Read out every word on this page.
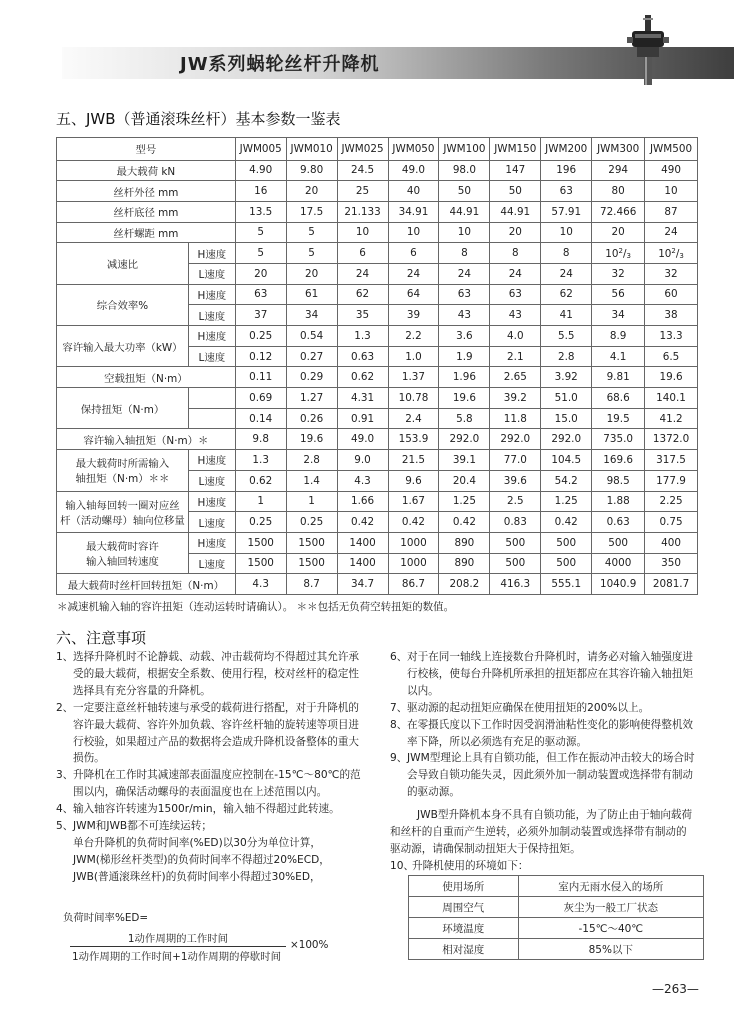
JW系列蜗轮丝杆升降机
五、JWB（普通滚珠丝杆）基本参数一鉴表
型号		JWM005	JWM010	JWM025	JWM050	JWM100	JWM150	JWM200	JWM300	JWM500
最大载荷 kN		4.90	9.80	24.5	49.0	98.0	147	196	294	490
丝杆外径 mm		16	20	25	40	50	50	63	80	10
丝杆底径 mm		13.5	17.5	21.133	34.91	44.91	44.91	57.91	72.466	87
丝杆螺距 mm		5	5	10	10	10	20	10	20	24
减速比	H速度	5	5	6	6	8	8	8	$10^2/3$	$10^2/3$
	L速度	20	20	24	24	24	24	24	32	32
综合效率%	H速度	63	61	62	64	63	63	62	56	60
	L速度	37	34	35	39	43	43	41	34	38
容许输入最大功率（kW）	H速度	0.25	0.54	1.3	2.2	3.6	4.0	5.5	8.9	13.3
	L速度	0.12	0.27	0.63	1.0	1.9	2.1	2.8	4.1	6.5
空载扭矩（N·m）		0.11	0.29	0.62	1.37	1.96	2.65	3.92	9.81	19.6
保持扭矩（N·m）		0.69	1.27	4.31	10.78	19.6	39.2	51.0	68.6	140.1
		0.14	0.26	0.91	2.4	5.8	11.8	15.0	19.5	41.2
容许输入轴扭矩（N·m）＊		9.8	19.6	49.0	153.9	292.0	292.0	292.0	735.0	1372.0

最大载荷时所需输入
轴扭矩（N·m）＊＊	H速度	1.3	2.8	9.0	21.5	39.1	77.0	104.5	169.6	317.5
	L速度	0.62	1.4	4.3	9.6	20.4	39.6	54.2	98.5	177.9

输入轴每回转一圈对应丝
杆（活动螺母）轴向位移量	H速度	1	1	1.66	1.67	1.25	2.5	1.25	1.88	2.25
	L速度	0.25	0.25	0.42	0.42	0.42	0.83	0.42	0.63	0.75

最大载荷时容许
输入轴回转速度	H速度	1500	1500	1400	1000	890	500	500	500	400
	L速度	1500	1500	1400	1000	890	500	500	4000	350
最大载荷时丝杆回转扭矩（N·m）		4.3	8.7	34.7	86.7	208.2	416.3	555.1	1040.9	2081.7
＊减速机输入轴的容许扭矩（连动运转时请确认）。 ＊＊包括无负荷空转扭矩的数值。
六、注意事项
1、 选择升降机时不论静载、动载、冲击载荷均不得超过其允许承
受的最大载荷，根据安全系数、使用行程，校对丝杆的稳定性
选择具有充分容量的升降机。
2、 一定要注意丝杆轴转速与承受的载荷进行搭配，对于升降机的
容许最大载荷、容许外加负载、容许丝杆轴的旋转速等项目进
行校验，如果超过产品的数据将会造成升降机设备整体的重大
损伤。
3、 升降机在工作时其减速部表面温度应控制在-15℃～80℃的范
围以内，确保活动螺母的表面温度也在上述范围以内。
4、 输入轴容许转速为1500r/min，输入轴不得超过此转速。
5、 JWM和JWB都不可连续运转；
单台升降机的负荷时间率(%ED)以30分为单位计算，
JWM(梯形丝杆类型)的负荷时间率不得超过20%ECD，
JWB(普通滚珠丝杆)的负荷时间率小得超过30%ED，
负荷时间率%ED=
1动作周期的工作时间
1动作周期的工作时间+1动作周期的停歇时间
×100%
6、 对于在同一轴线上连接数台升降机时，请务必对输入轴强度进
行校核，使每台升降机所承担的扭矩都应在其容许输入轴扭矩
以内。
7、 驱动源的起动扭矩应确保在使用扭矩的200%以上。
8、 在零摄氏度以下工作时因受润滑油粘性变化的影响使得整机效
率下降，所以必须选有充足的驱动源。
9、 JWM型理论上具有自锁功能，但工作在振动冲击较大的场合时
会导致自锁功能失灵，因此须外加一制动装置或选择带有制动
的驱动源。
JWB型升降机本身不具有自锁功能，为了防止由于轴向载荷
和丝杆的自重而产生逆转，必须外加制动装置或选择带有制动的
驱动源，请确保制动扭矩大于保持扭矩。
10、
升降机使用的环境如下：
使用场所	室内无雨水侵入的场所
周围空气	灰尘为一般工厂状态
环境温度	-15℃～40℃
相对湿度	85%以下
—263—
